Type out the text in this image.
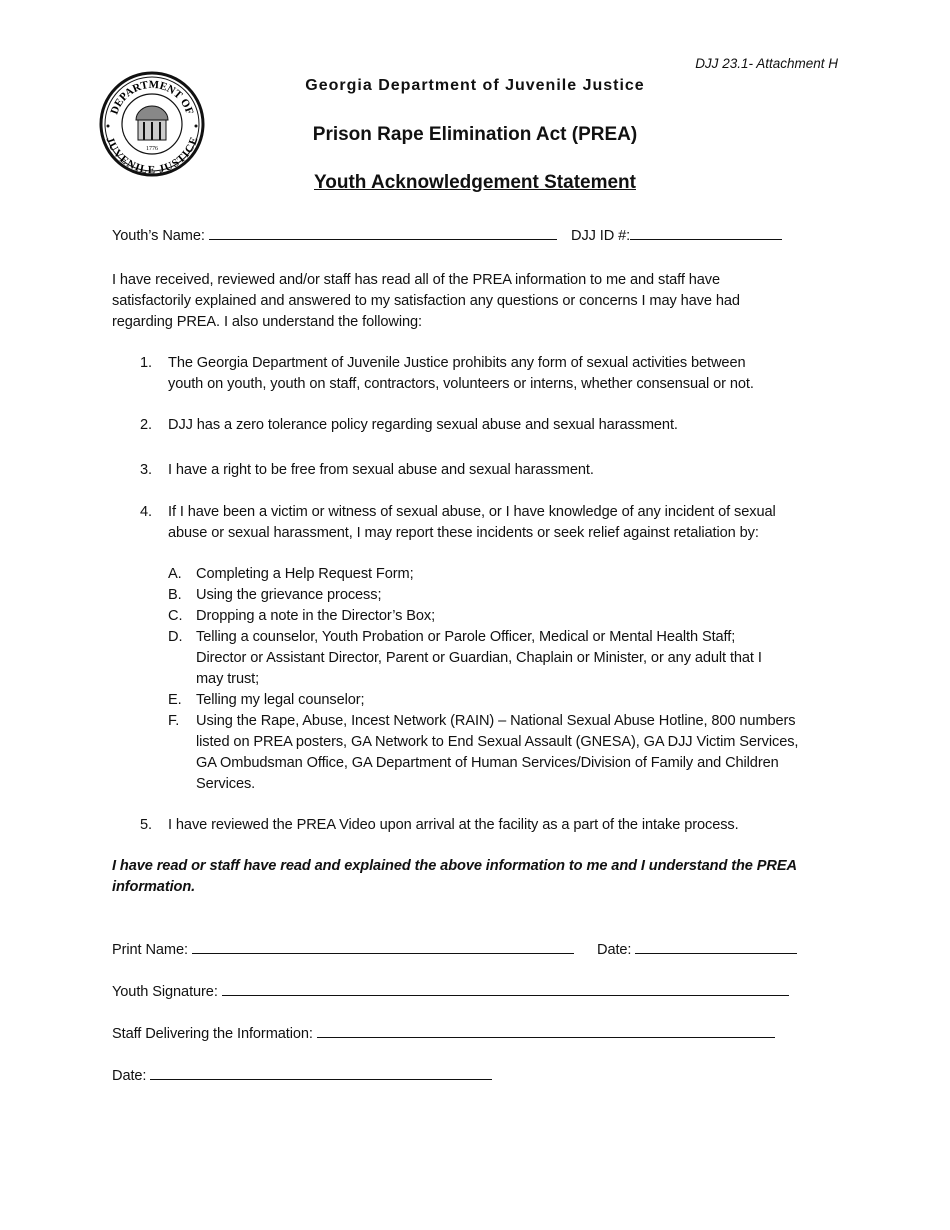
DJJ 23.1- Attachment H
DEPARTMENT OF
JUVENILE JUSTICE
1776
Georgia Department of Juvenile Justice
Prison Rape Elimination Act (PREA)
Youth Acknowledgement Statement
Youth’s Name:	DJJ ID #:
I have received, reviewed and/or staff has read all of the PREA information to me and staff have
satisfactorily explained and answered to my satisfaction any questions or concerns I may have had
regarding PREA. I also understand the following:
1. The Georgia Department of Juvenile Justice prohibits any form of sexual activities between
youth on youth, youth on staff, contractors, volunteers or interns, whether consensual or not.
2. DJJ has a zero tolerance policy regarding sexual abuse and sexual harassment.
3. I have a right to be free from sexual abuse and sexual harassment.
4. If I have been a victim or witness of sexual abuse, or I have knowledge of any incident of sexual
abuse or sexual harassment, I may report these incidents or seek relief against retaliation by:
5. I have reviewed the PREA Video upon arrival at the facility as a part of the intake process.
A. Completing a Help Request Form;
B. Using the grievance process;
C. Dropping a note in the Director’s Box;
D. Telling a counselor, Youth Probation or Parole Officer, Medical or Mental Health Staff;
Director or Assistant Director, Parent or Guardian, Chaplain or Minister, or any adult that I
may trust;
E. Telling my legal counselor;
F. Using the Rape, Abuse, Incest Network (RAIN) – National Sexual Abuse Hotline, 800 numbers
listed on PREA posters, GA Network to End Sexual Assault (GNESA), GA DJJ Victim Services,
GA Ombudsman Office, GA Department of Human Services/Division of Family and Children
Services.
I have read or staff have read and explained the above information to me and I understand the PREA
information.
Print Name:	Date:
Youth Signature:
Staff Delivering the Information:
Date:
